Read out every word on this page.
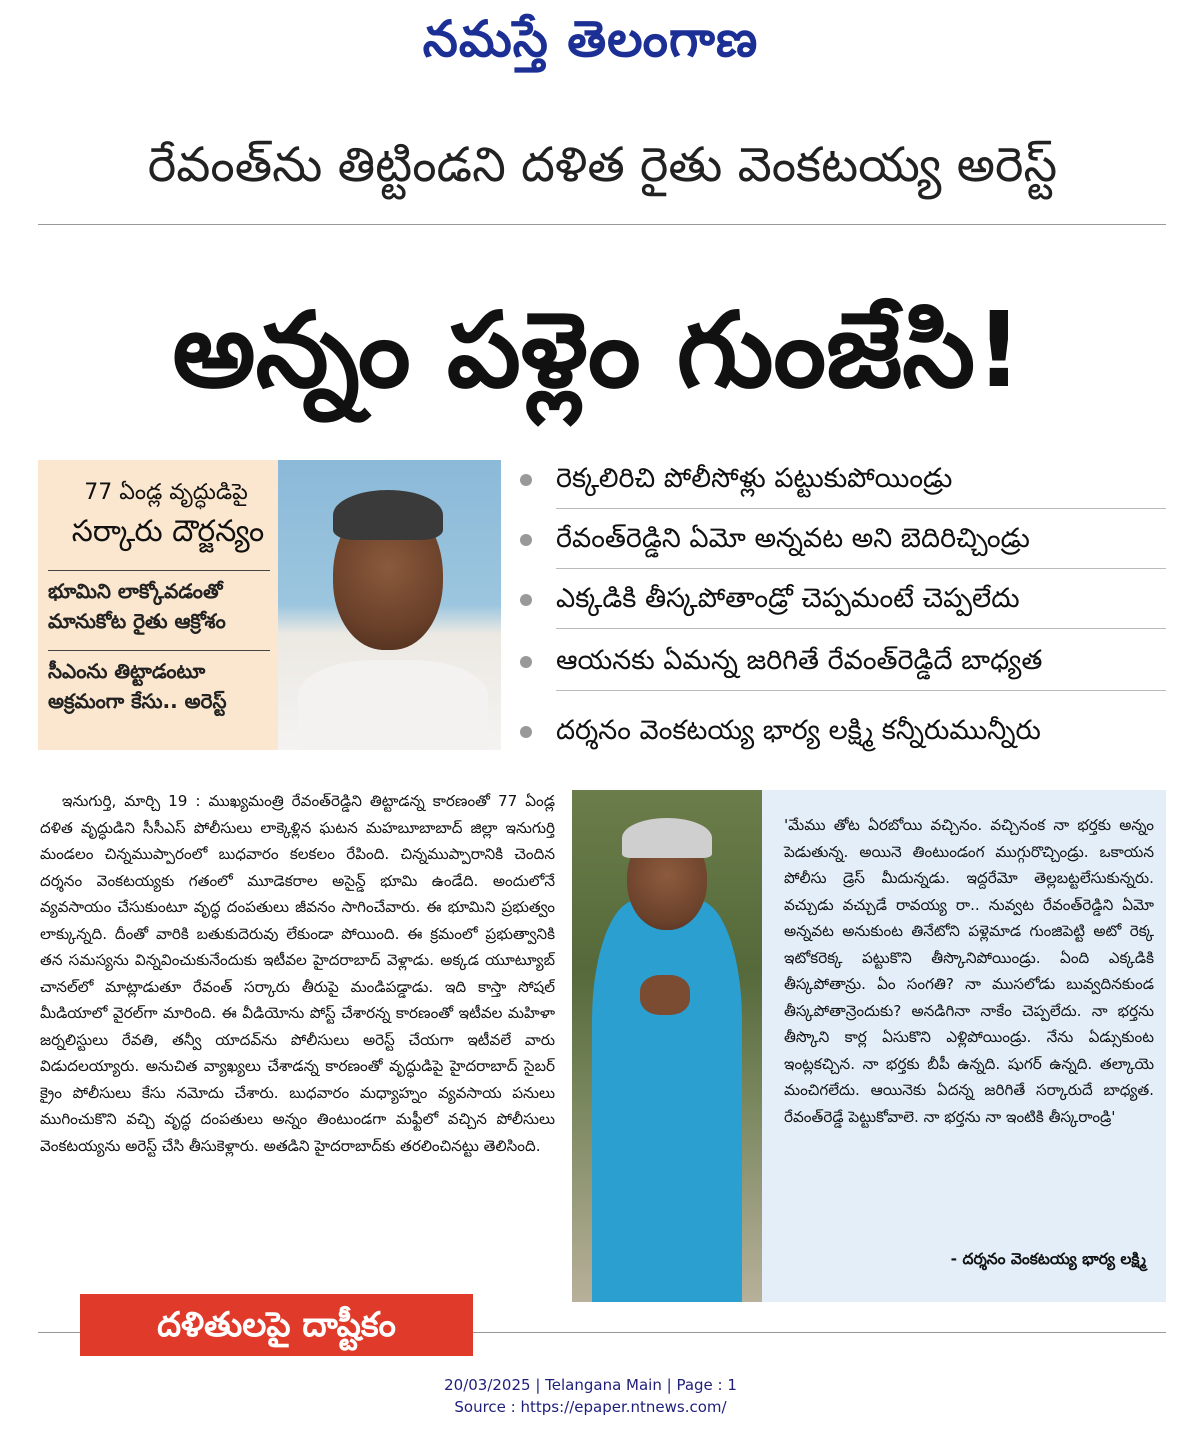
నమస్తే తెలంగాణ
రేవంత్‌ను తిట్టిండని దళిత రైతు వెంకటయ్య అరెస్ట్
అన్నం పళ్లెం గుంజేసి!
77 ఏండ్ల వృద్ధుడిపై
సర్కారు దౌర్జన్యం
భూమిని లాక్కోవడంతో మానుకోట రైతు ఆక్రోశం
సీఎంను తిట్టాడంటూ అక్రమంగా కేసు.. అరెస్ట్
రెక్కలిరిచి పోలీసోళ్లు పట్టుకుపోయిండ్రు
రేవంత్‌రెడ్డిని ఏమో అన్నవట అని బెదిరిచ్చిండ్రు
ఎక్కడికి తీస్కపోతాండ్రో చెప్పమంటే చెప్పలేదు
ఆయనకు ఏమన్న జరిగితే రేవంత్‌రెడ్డిదే బాధ్యత
దర్శనం వెంకటయ్య భార్య లక్ష్మి కన్నీరుమున్నీరు
ఇనుగుర్తి, మార్చి 19 : ముఖ్యమంత్రి రేవంత్‌రెడ్డిని తిట్టాడన్న కారణంతో 77 ఏండ్ల దళిత వృద్ధుడిని సీసీఎస్ పోలీసులు లాక్కెళ్లిన ఘటన మహబూబాబాద్ జిల్లా ఇనుగుర్తి మండలం చిన్నముప్పారంలో బుధవారం కలకలం రేపింది. చిన్నముప్పారానికి చెందిన దర్శనం వెంకటయ్యకు గతంలో మూడెకరాల అసైన్డ్ భూమి ఉండేది. అందులోనే వ్యవసాయం చేసుకుంటూ వృద్ధ దంపతులు జీవనం సాగించేవారు. ఈ భూమిని ప్రభుత్వం లాక్కున్నది. దీంతో వారికి బతుకుదెరువు లేకుండా పోయింది. ఈ క్రమంలో ప్రభుత్వానికి తన సమస్యను విన్నవించుకునేందుకు ఇటీవల హైదరాబాద్ వెళ్లాడు. అక్కడ యూట్యూబ్ చానల్‌లో మాట్లాడుతూ రేవంత్ సర్కారు తీరుపై మండిపడ్డాడు. ఇది కాస్తా సోషల్ మీడియాలో వైరల్‌గా మారింది. ఈ వీడియోను పోస్ట్ చేశారన్న కారణంతో ఇటీవల మహిళా జర్నలిస్టులు రేవతి, తన్వీ యాదవ్‌ను పోలీసులు అరెస్ట్ చేయగా ఇటీవలే వారు విడుదలయ్యారు. అనుచిత వ్యాఖ్యలు చేశాడన్న కారణంతో వృద్ధుడిపై హైదరాబాద్ సైబర్ క్రైం పోలీసులు కేసు నమోదు చేశారు. బుధవారం మధ్యాహ్నం వ్యవసాయ పనులు ముగించుకొని వచ్చి వృద్ధ దంపతులు అన్నం తింటుండగా మఫ్టీలో వచ్చిన పోలీసులు వెంకటయ్యను అరెస్ట్ చేసి తీసుకెళ్లారు. అతడిని హైదరాబాద్‌కు తరలించినట్టు తెలిసింది.
'మేము తోట ఏరబోయి వచ్చినం. వచ్చినంక నా భర్తకు అన్నం పెడుతున్న. అయినె తింటుండంగ ముగ్గురొచ్చిండ్రు. ఒకాయన పోలీసు డ్రెస్ మీదున్నడు. ఇద్దరేమో తెల్లబట్టలేసుకున్నరు. వచ్చుడు వచ్చుడే రావయ్య రా.. నువ్వట రేవంత్‌రెడ్డిని ఏమో అన్నవట అనుకుంట తినేటోని పళ్లెమాడ గుంజిపెట్టి అటో రెక్క ఇటోకరెక్క పట్టుకొని తీస్కొనిపోయిండ్రు. ఏంది ఎక్కడికి తీస్కపోతాన్రు. ఏం సంగతి? నా ముసలోడు బువ్వదినకుండ తీస్కపోతాన్రెందుకు? అనడిగినా నాకేం చెప్పలేదు. నా భర్తను తీస్కొని కార్ల ఏసుకొని ఎళ్లిపోయిండ్రు. నేను ఏడ్సుకుంట ఇంట్లకచ్చిన. నా భర్తకు బీపీ ఉన్నది. షుగర్ ఉన్నది. తల్కాయె మంచిగలేదు. ఆయినెకు ఏదన్న జరిగితే సర్కారుదే బాధ్యత. రేవంత్‌రెడ్డే పెట్టుకోవాలె. నా భర్తను నా ఇంటికి తీస్కరాండ్రి'
- దర్శనం వెంకటయ్య భార్య లక్ష్మి
దళితులపై దాష్టీకం
20/03/2025 | Telangana Main | Page : 1
Source : https://epaper.ntnews.com/
